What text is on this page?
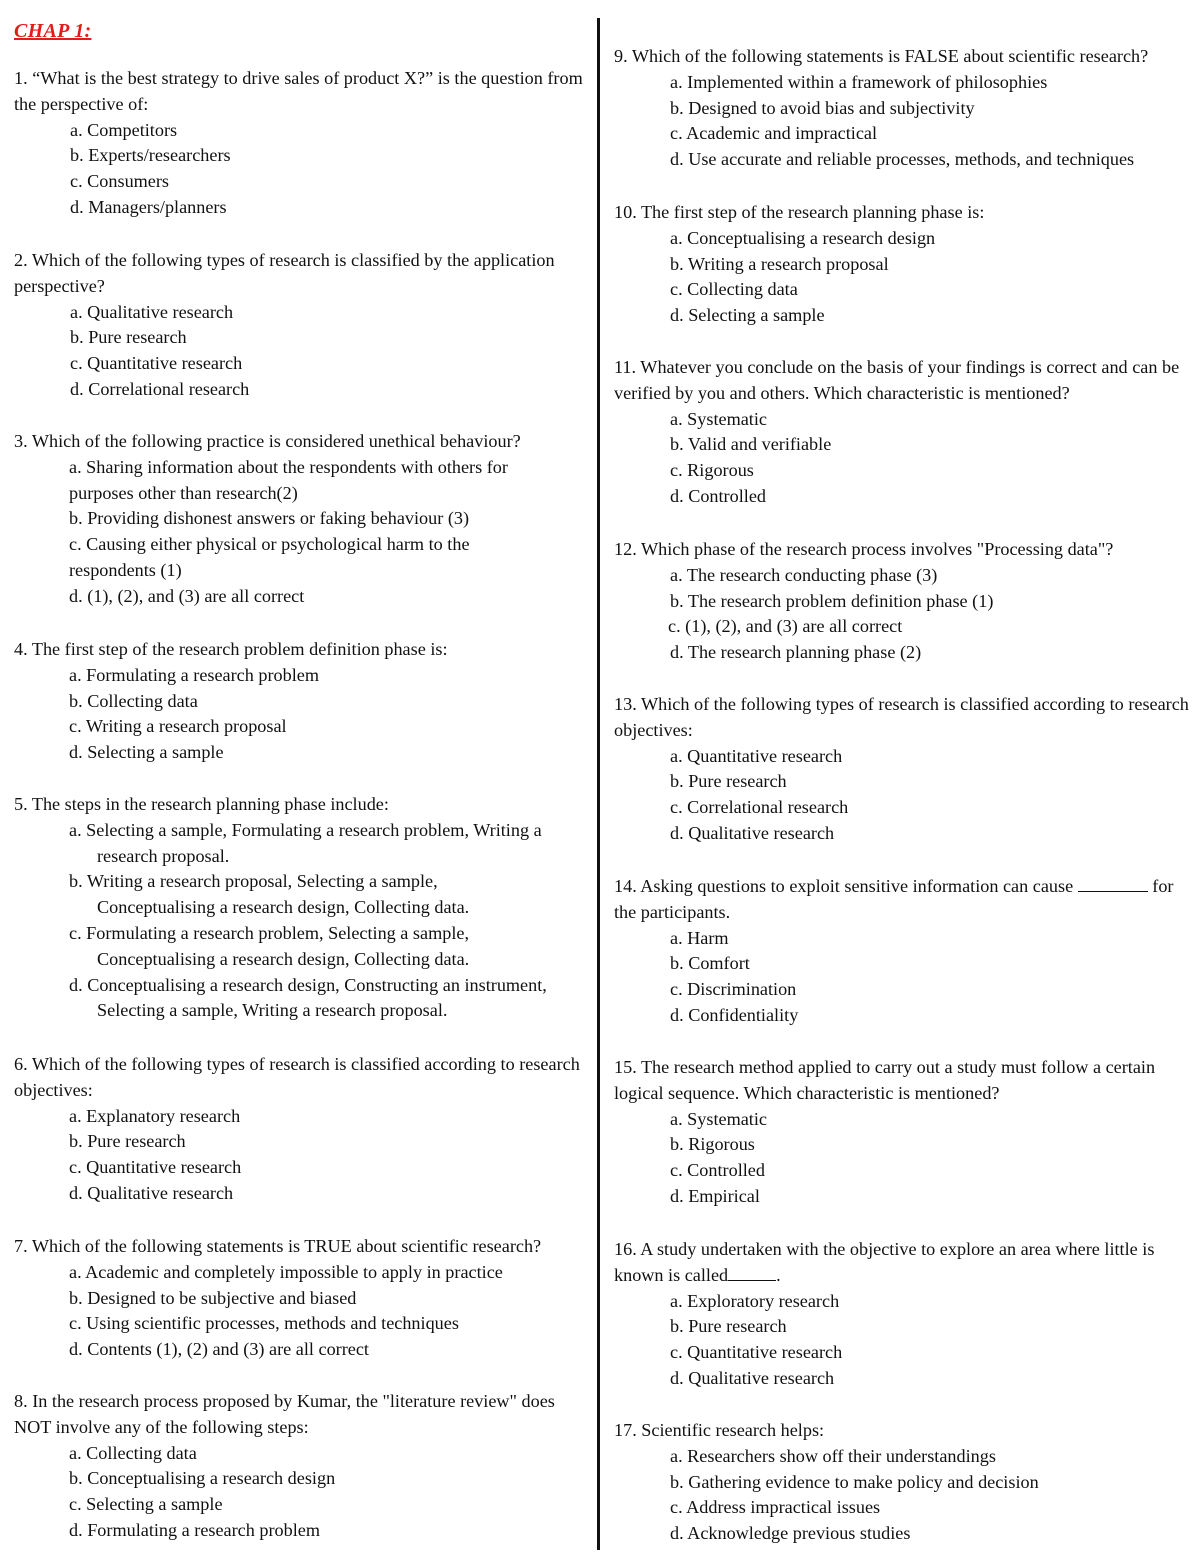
CHAP 1:

1. “What is the best strategy to drive sales of product X?” is the question from the perspective of:

a. Competitors
b. Experts/researchers
c. Consumers
d. Managers/planners

2. Which of the following types of research is classified by the application perspective?

a. Qualitative research
b. Pure research
c. Quantitative research
d. Correlational research

3. Which of the following practice is considered unethical behaviour?

a. Sharing information about the respondents with others for purposes other than research(2)
b. Providing dishonest answers or faking behaviour (3)
c. Causing either physical or psychological harm to the respondents (1)
d. (1), (2), and (3) are all correct

4. The first step of the research problem definition phase is:

a. Formulating a research problem
b. Collecting data
c. Writing a research proposal
d. Selecting a sample

5. The steps in the research planning phase include:

a. Selecting a sample, Formulating a research problem, Writing a research proposal.
b. Writing a research proposal, Selecting a sample, Conceptualising a research design, Collecting data.
c. Formulating a research problem, Selecting a sample, Conceptualising a research design, Collecting data.
d. Conceptualising a research design, Constructing an instrument, Selecting a sample, Writing a research proposal.

6. Which of the following types of research is classified according to research objectives:

a. Explanatory research
b. Pure research
c. Quantitative research
d. Qualitative research

7. Which of the following statements is TRUE about scientific research?

a. Academic and completely impossible to apply in practice
b. Designed to be subjective and biased
c. Using scientific processes, methods and techniques
d. Contents (1), (2) and (3) are all correct

8. In the research process proposed by Kumar, the "literature review" does NOT involve any of the following steps:

a. Collecting data
b. Conceptualising a research design
c. Selecting a sample
d. Formulating a research problem

9. Which of the following statements is FALSE about scientific research?

a. Implemented within a framework of philosophies
b. Designed to avoid bias and subjectivity
c. Academic and impractical
d. Use accurate and reliable processes, methods, and techniques

10. The first step of the research planning phase is:

a. Conceptualising a research design
b. Writing a research proposal
c. Collecting data
d. Selecting a sample

11. Whatever you conclude on the basis of your findings is correct and can be verified by you and others. Which characteristic is mentioned?

a. Systematic
b. Valid and verifiable
c. Rigorous
d. Controlled

12. Which phase of the research process involves "Processing data"?

a. The research conducting phase (3)
b. The research problem definition phase (1)
c. (1), (2), and (3) are all correct
d. The research planning phase (2)

13. Which of the following types of research is classified according to research objectives:

a. Quantitative research
b. Pure research
c. Correlational research
d. Qualitative research

14. Asking questions to exploit sensitive information can cause	for the participants.

a. Harm
b. Comfort
c. Discrimination
d. Confidentiality

15. The research method applied to carry out a study must follow a certain logical sequence. Which characteristic is mentioned?

a. Systematic
b. Rigorous
c. Controlled
d. Empirical

16. A study undertaken with the objective to explore an area where little is known is called	.

a. Exploratory research
b. Pure research
c. Quantitative research
d. Qualitative research

17. Scientific research helps:

a. Researchers show off their understandings
b. Gathering evidence to make policy and decision
c. Address impractical issues
d. Acknowledge previous studies
